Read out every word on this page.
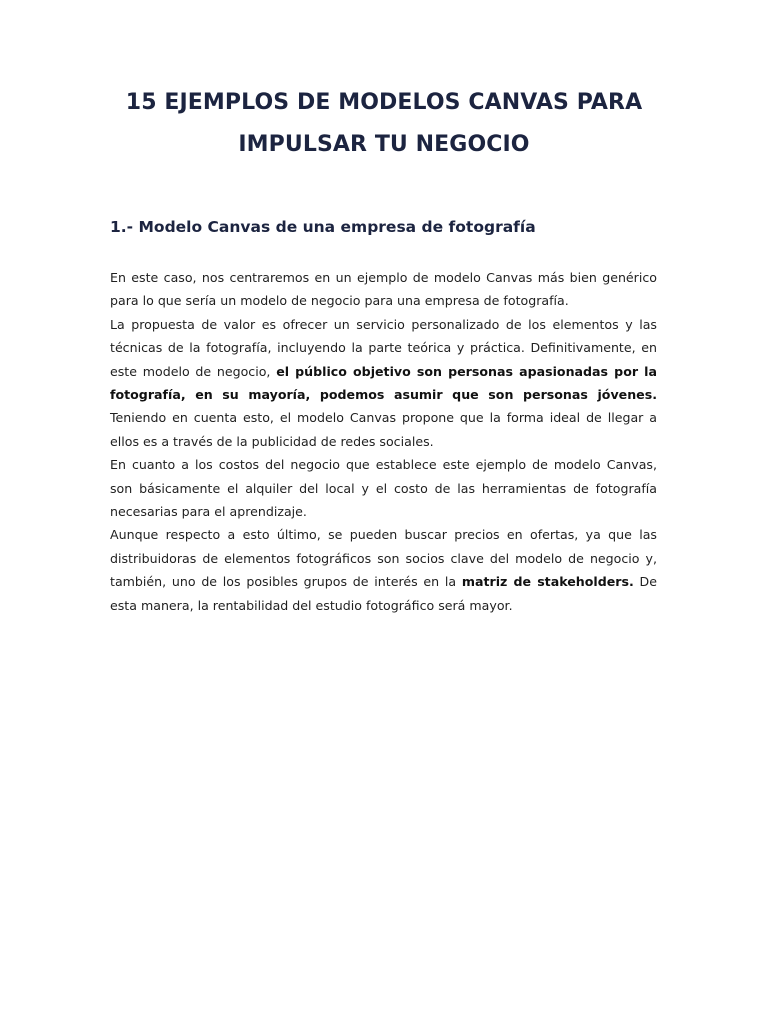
15 EJEMPLOS DE MODELOS CANVAS PARA
IMPULSAR TU NEGOCIO
1.- Modelo Canvas de una empresa de fotografía

En este caso, nos centraremos en un ejemplo de modelo Canvas más bien genérico para lo que sería un modelo de negocio para una empresa de fotografía.

La propuesta de valor es ofrecer un servicio personalizado de los elementos y las técnicas de la fotografía, incluyendo la parte teórica y práctica. Definitivamente, en este modelo de negocio, el público objetivo son personas apasionadas por la fotografía, en su mayoría, podemos asumir que son personas jóvenes. Teniendo en cuenta esto, el modelo Canvas propone que la forma ideal de llegar a ellos es a través de la publicidad de redes sociales.

En cuanto a los costos del negocio que establece este ejemplo de modelo Canvas, son básicamente el alquiler del local y el costo de las herramientas de fotografía necesarias para el aprendizaje.

Aunque respecto a esto último, se pueden buscar precios en ofertas, ya que las distribuidoras de elementos fotográficos son socios clave del modelo de negocio y, también, uno de los posibles grupos de interés en la matriz de stakeholders. De esta manera, la rentabilidad del estudio fotográfico será mayor.
